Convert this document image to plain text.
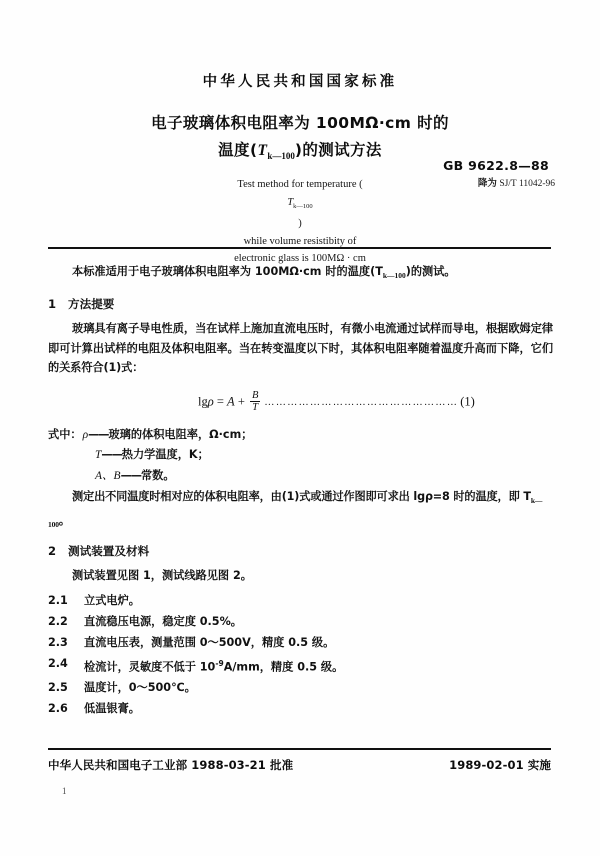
中华人民共和国国家标准
电子玻璃体积电阻率为 100MΩ·cm 时的
温度$(T_{k—100})$的测试方法
GB 9622.8—88
降为 SJ/T 11042-96
Test method for temperature (
$T_{k—100}$
)
while volume resistibity of
electronic glass is 100MΩ · cm

本标准适用于电子玻璃体积电阻率为 100MΩ·cm 时的温度$(T_{k—100})$的测试。

1 方法提要

玻璃具有离子导电性质，当在试样上施加直流电压时，有微小电流通过试样而导电，根据欧姆定律即可计算出试样的电阻及体积电阻率。当在转变温度以下时，其体积电阻率随着温度升高而下降，它们的关系符合(1)式：

$\lg\rho = A + \frac{B}{T}$ …………………………………………… (1)

式中：ρ——玻璃的体积电阻率，Ω·cm；

T——热力学温度，K；

A、B——常数。

测定出不同温度时相对应的体积电阻率，由(1)式或通过作图即可求出 lgρ=8 时的温度，即 $T_{k—100}$。

2 测试装置及材料

测试装置见图 1，测试线路见图 2。

2.1	立式电炉。
2.2	直流稳压电源，稳定度 0.5%。
2.3	直流电压表，测量范围 0～500V，精度 0.5 级。
2.4	检流计，灵敏度不低于 $10^{-9}A/mm$，精度 0.5 级。
2.5	温度计，0～500℃。
2.6	低温银膏。
中华人民共和国电子工业部 1988-03-21 批准	1989-02-01 实施
1
